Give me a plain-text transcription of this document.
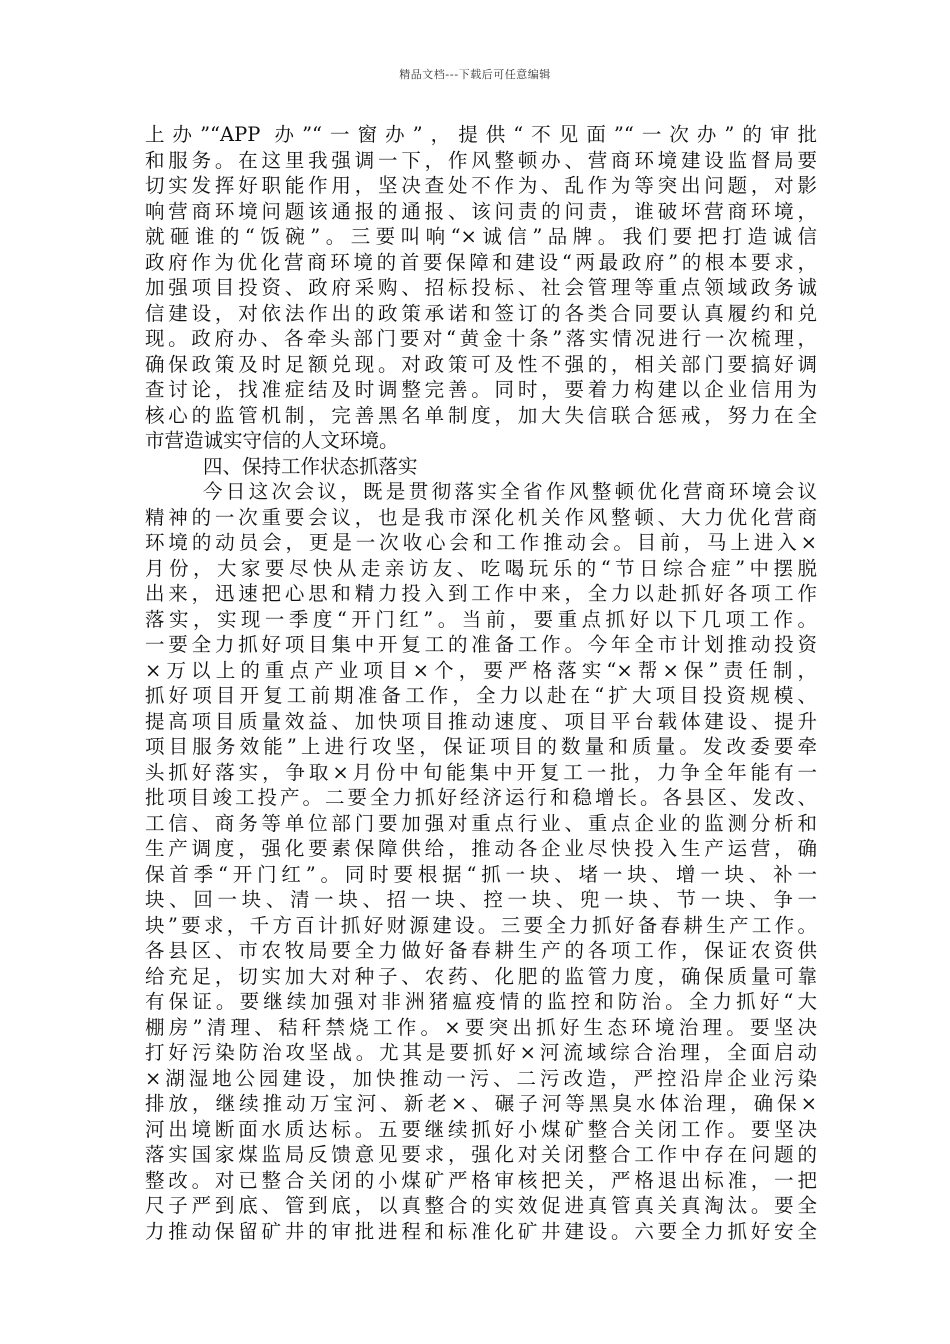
精品文档---下载后可任意编辑
上办”“APP 办”“一窗办”，提供“不见面”“一次办”的审批
和服务。在这里我强调一下，作风整顿办、营商环境建设监督局要
切实发挥好职能作用，坚决查处不作为、乱作为等突出问题，对影
响营商环境问题该通报的通报、该问责的问责，谁破坏营商环境，
就砸谁的“饭碗”。三要叫响“×诚信”品牌。我们要把打造诚信
政府作为优化营商环境的首要保障和建设“两最政府”的根本要求，
加强项目投资、政府采购、招标投标、社会管理等重点领域政务诚
信建设，对依法作出的政策承诺和签订的各类合同要认真履约和兑
现。政府办、各牵头部门要对“黄金十条”落实情况进行一次梳理，
确保政策及时足额兑现。对政策可及性不强的，相关部门要搞好调
查讨论，找准症结及时调整完善。同时，要着力构建以企业信用为
核心的监管机制，完善黑名单制度，加大失信联合惩戒，努力在全
市营造诚实守信的人文环境。
四、保持工作状态抓落实
今日这次会议，既是贯彻落实全省作风整顿优化营商环境会议
精神的一次重要会议，也是我市深化机关作风整顿、大力优化营商
环境的动员会，更是一次收心会和工作推动会。目前，马上进入×
月份，大家要尽快从走亲访友、吃喝玩乐的“节日综合症”中摆脱
出来，迅速把心思和精力投入到工作中来，全力以赴抓好各项工作
落实，实现一季度“开门红”。当前，要重点抓好以下几项工作。
一要全力抓好项目集中开复工的准备工作。今年全市计划推动投资
×万以上的重点产业项目×个，要严格落实“×帮×保”责任制，
抓好项目开复工前期准备工作，全力以赴在“扩大项目投资规模、
提高项目质量效益、加快项目推动速度、项目平台载体建设、提升
项目服务效能”上进行攻坚，保证项目的数量和质量。发改委要牵
头抓好落实，争取×月份中旬能集中开复工一批，力争全年能有一
批项目竣工投产。二要全力抓好经济运行和稳增长。各县区、发改、
工信、商务等单位部门要加强对重点行业、重点企业的监测分析和
生产调度，强化要素保障供给，推动各企业尽快投入生产运营，确
保首季“开门红”。同时要根据“抓一块、堵一块、增一块、补一
块、回一块、清一块、招一块、控一块、兜一块、节一块、争一
块”要求，千方百计抓好财源建设。三要全力抓好备春耕生产工作。
各县区、市农牧局要全力做好备春耕生产的各项工作，保证农资供
给充足，切实加大对种子、农药、化肥的监管力度，确保质量可靠
有保证。要继续加强对非洲猪瘟疫情的监控和防治。全力抓好“大
棚房”清理、秸秆禁烧工作。×要突出抓好生态环境治理。要坚决
打好污染防治攻坚战。尤其是要抓好×河流域综合治理，全面启动
×湖湿地公园建设，加快推动一污、二污改造，严控沿岸企业污染
排放，继续推动万宝河、新老×、碾子河等黑臭水体治理，确保×
河出境断面水质达标。五要继续抓好小煤矿整合关闭工作。要坚决
落实国家煤监局反馈意见要求，强化对关闭整合工作中存在问题的
整改。对已整合关闭的小煤矿严格审核把关，严格退出标准，一把
尺子严到底、管到底，以真整合的实效促进真管真关真淘汰。要全
力推动保留矿井的审批进程和标准化矿井建设。六要全力抓好安全
